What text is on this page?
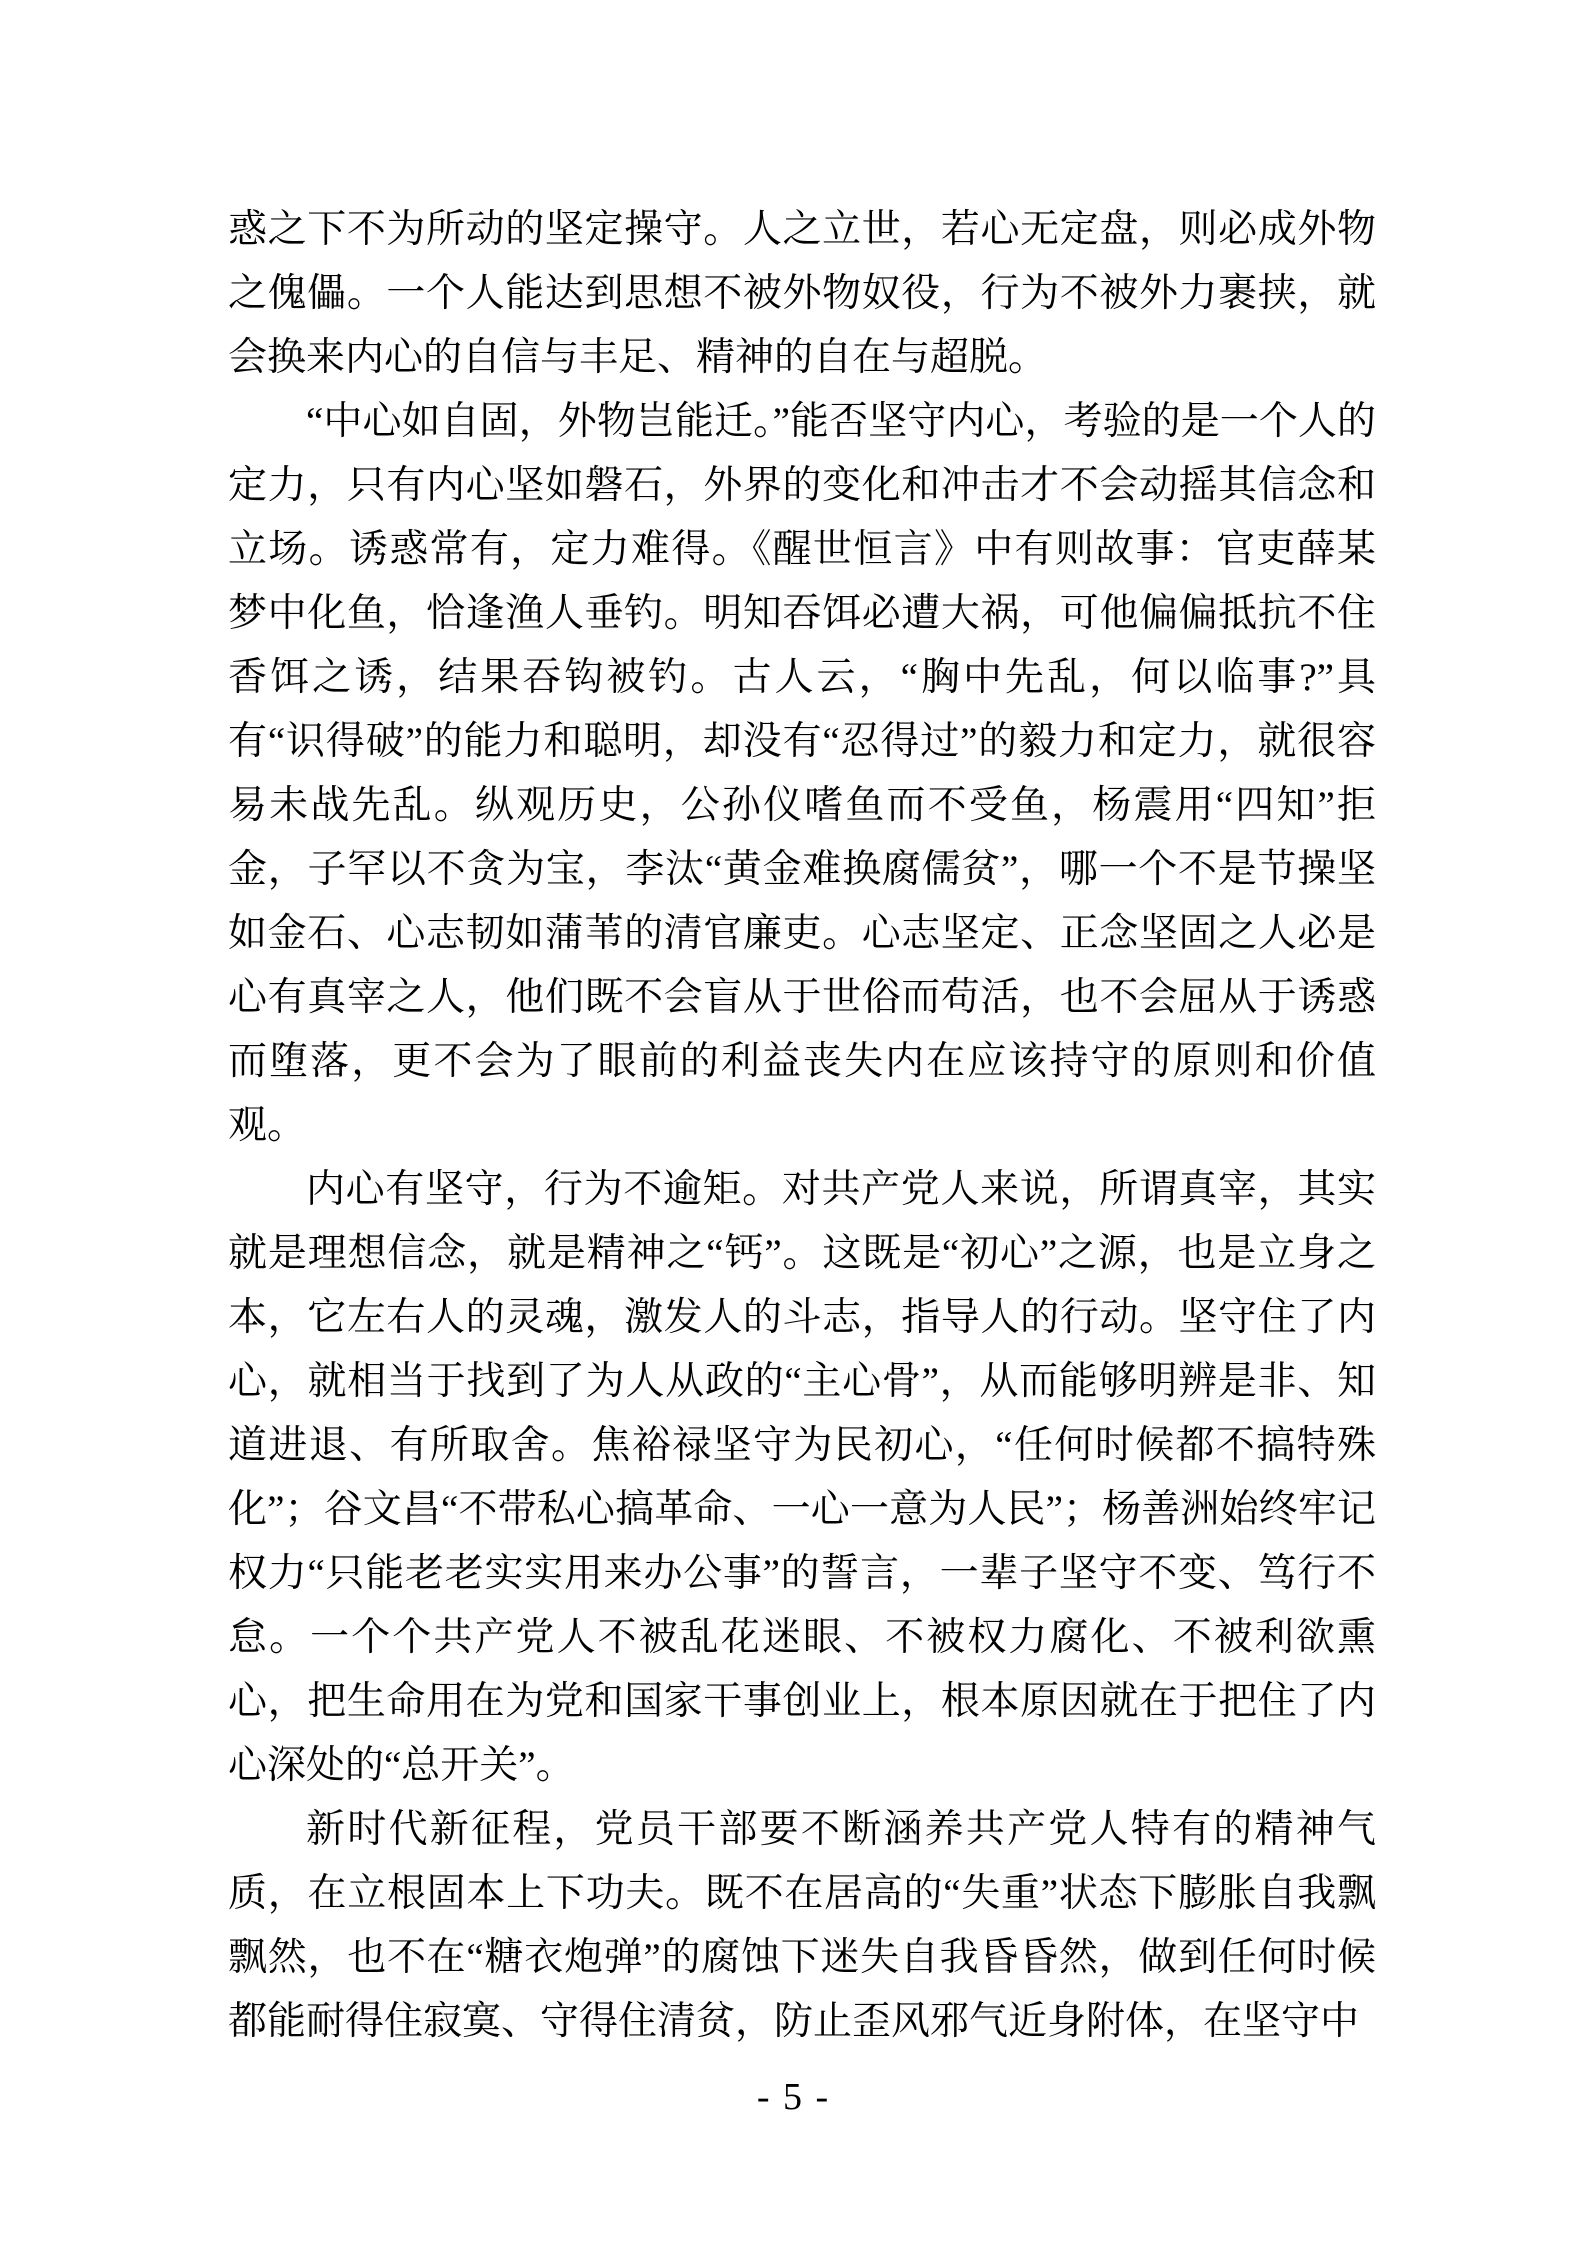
惑之下不为所动的坚定操守。人之立世，若心无定盘，则必成外物之傀儡。一个人能达到思想不被外物奴役，行为不被外力裹挟，就会换来内心的自信与丰足、精神的自在与超脱。

“中心如自固，外物岂能迁。”能否坚守内心，考验的是一个人的定力，只有内心坚如磐石，外界的变化和冲击才不会动摇其信念和立场。诱惑常有，定力难得。《醒世恒言》中有则故事：官吏薛某梦中化鱼，恰逢渔人垂钓。明知吞饵必遭大祸，可他偏偏抵抗不住香饵之诱，结果吞钩被钓。古人云，“胸中先乱，何以临事?”具有“识得破”的能力和聪明，却没有“忍得过”的毅力和定力，就很容易未战先乱。纵观历史，公孙仪嗜鱼而不受鱼，杨震用“四知”拒金，子罕以不贪为宝，李汰“黄金难换腐儒贫”，哪一个不是节操坚如金石、心志韧如蒲苇的清官廉吏。心志坚定、正念坚固之人必是心有真宰之人，他们既不会盲从于世俗而苟活，也不会屈从于诱惑而堕落，更不会为了眼前的利益丧失内在应该持守的原则和价值观。

内心有坚守，行为不逾矩。对共产党人来说，所谓真宰，其实就是理想信念，就是精神之“钙”。这既是“初心”之源，也是立身之本，它左右人的灵魂，激发人的斗志，指导人的行动。坚守住了内心，就相当于找到了为人从政的“主心骨”，从而能够明辨是非、知道进退、有所取舍。焦裕禄坚守为民初心，“任何时候都不搞特殊化”；谷文昌“不带私心搞革命、一心一意为人民”；杨善洲始终牢记权力“只能老老实实用来办公事”的誓言，一辈子坚守不变、笃行不怠。一个个共产党人不被乱花迷眼、不被权力腐化、不被利欲熏心，把生命用在为党和国家干事创业上，根本原因就在于把住了内心深处的“总开关”。

新时代新征程，党员干部要不断涵养共产党人特有的精神气质，在立根固本上下功夫。既不在居高的“失重”状态下膨胀自我飘飘然，也不在“糖衣炮弹”的腐蚀下迷失自我昏昏然，做到任何时候都能耐得住寂寞、守得住清贫，防止歪风邪气近身附体，在坚守中

- 5 -
